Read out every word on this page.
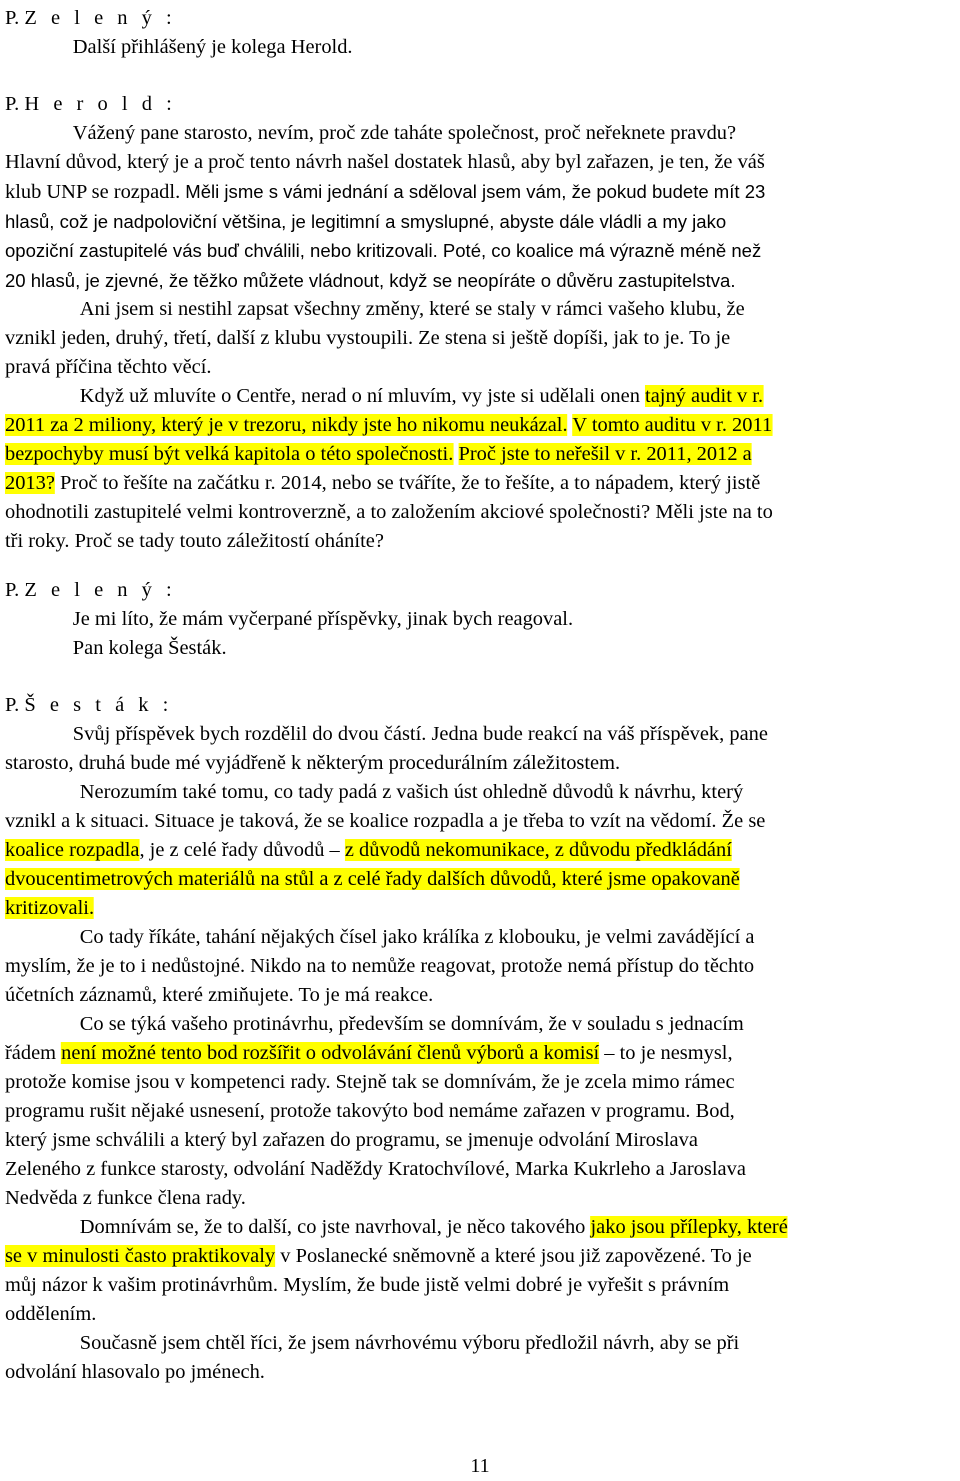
P. Z e l e n ý :
Další přihlášený je kolega Herold.
P. H e r o l d :
Vážený pane starosto, nevím, proč zde taháte společnost, proč neřeknete pravdu?
Hlavní důvod, který je a proč tento návrh našel dostatek hlasů, aby byl zařazen, je ten, že váš
klub UNP se rozpadl. Měli jsme s vámi jednání a sděloval jsem vám, že pokud budete mít 23
hlasů, což je nadpoloviční většina, je legitimní a smyslupné, abyste dále vládli a my jako
opoziční zastupitelé vás buď chválili, nebo kritizovali. Poté, co koalice má výrazně méně než
20 hlasů, je zjevné, že těžko můžete vládnout, když se neopíráte o důvěru zastupitelstva.
Ani jsem si nestihl zapsat všechny změny, které se staly v rámci vašeho klubu, že
vznikl jeden, druhý, třetí, další z klubu vystoupili. Ze stena si ještě dopíši, jak to je. To je
pravá příčina těchto věcí.
Když už mluvíte o Centře, nerad o ní mluvím, vy jste si udělali onen tajný audit v r.
2011 za 2 miliony, který je v trezoru, nikdy jste ho nikomu neukázal. V tomto auditu v r. 2011
bezpochyby musí být velká kapitola o této společnosti. Proč jste to neřešil v r. 2011, 2012 a
2013? Proč to řešíte na začátku r. 2014, nebo se tváříte, že to řešíte, a to nápadem, který jistě
ohodnotili zastupitelé velmi kontroverzně, a to založením akciové společnosti? Měli jste na to
tři roky. Proč se tady touto záležitostí oháníte?
P. Z e l e n ý :
Je mi líto, že mám vyčerpané příspěvky, jinak bych reagoval.
Pan kolega Šesták.
P. Š e s t á k :
Svůj příspěvek bych rozdělil do dvou částí. Jedna bude reakcí na váš příspěvek, pane
starosto, druhá bude mé vyjádřeně k některým procedurálním záležitostem.
Nerozumím také tomu, co tady padá z vašich úst ohledně důvodů k návrhu, který
vznikl a k situaci. Situace je taková, že se koalice rozpadla a je třeba to vzít na vědomí. Že se
koalice rozpadla, je z celé řady důvodů – z důvodů nekomunikace, z důvodu předkládání
dvoucentimetrových materiálů na stůl a z celé řady dalších důvodů, které jsme opakovaně
kritizovali.
Co tady říkáte, tahání nějakých čísel jako králíka z klobouku, je velmi zavádějící a
myslím, že je to i nedůstojné. Nikdo na to nemůže reagovat, protože nemá přístup do těchto
účetních záznamů, které zmiňujete. To je má reakce.
Co se týká vašeho protinávrhu, především se domnívám, že v souladu s jednacím
řádem není možné tento bod rozšířit o odvolávání členů výborů a komisí – to je nesmysl,
protože komise jsou v kompetenci rady. Stejně tak se domnívám, že je zcela mimo rámec
programu rušit nějaké usnesení, protože takovýto bod nemáme zařazen v programu. Bod,
který jsme schválili a který byl zařazen do programu, se jmenuje odvolání Miroslava
Zeleného z funkce starosty, odvolání Naděždy Kratochvílové, Marka Kukrleho a Jaroslava
Nedvěda z funkce člena rady.
Domnívám se, že to další, co jste navrhoval, je něco takového jako jsou přílepky, které
se v minulosti často praktikovaly v Poslanecké sněmovně a které jsou již zapovězené. To je
můj názor k vašim protinávrhům. Myslím, že bude jistě velmi dobré je vyřešit s právním
oddělením.
Současně jsem chtěl říci, že jsem návrhovému výboru předložil návrh, aby se při
odvolání hlasovalo po jménech.
11
